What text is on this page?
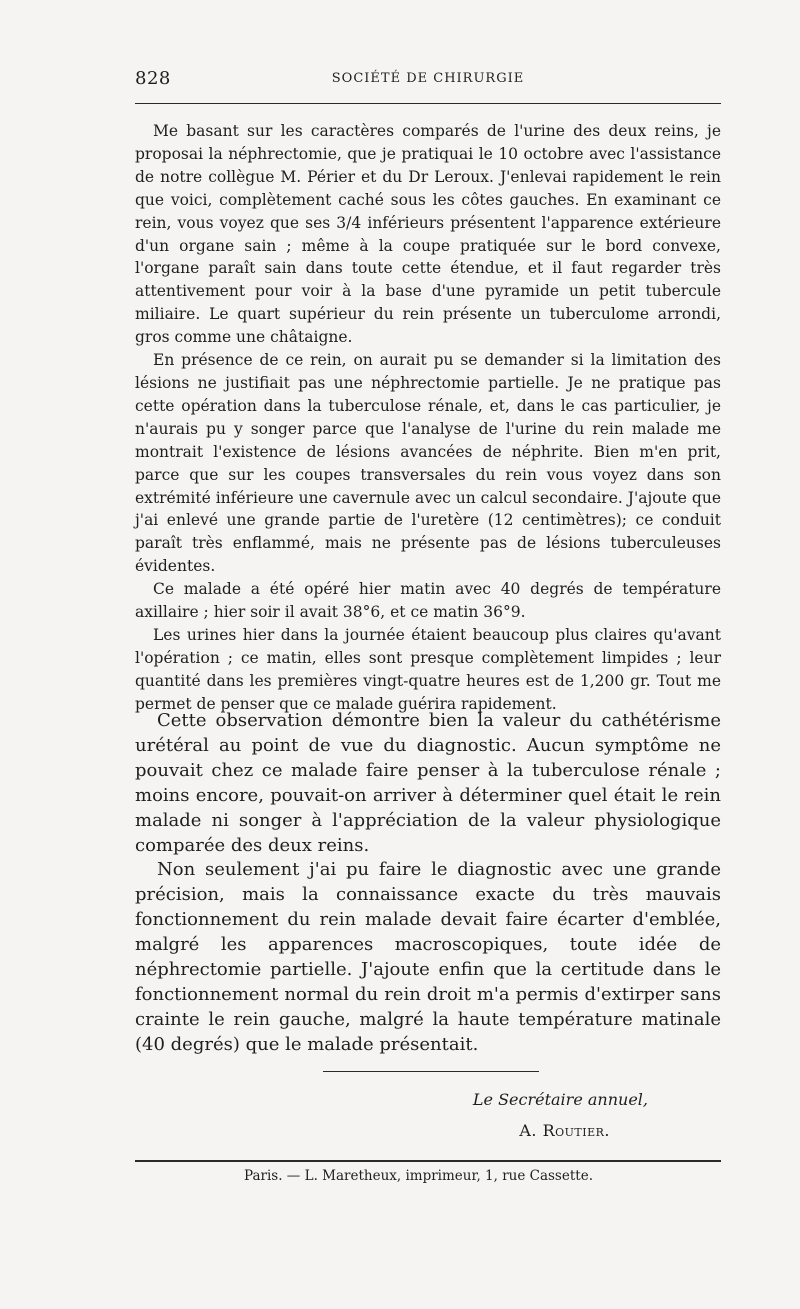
828	SOCIÉTÉ DE CHIRURGIE

Me basant sur les caractères comparés de l'urine des deux reins, je proposai la néphrectomie, que je pratiquai le 10 octobre avec l'assistance de notre collègue M. Périer et du Dr Leroux. J'enlevai rapidement le rein que voici, complètement caché sous les côtes gauches. En examinant ce rein, vous voyez que ses 3/4 inférieurs présentent l'apparence extérieure d'un organe sain ; même à la coupe pratiquée sur le bord convexe, l'organe paraît sain dans toute cette étendue, et il faut regarder très attentivement pour voir à la base d'une pyramide un petit tubercule miliaire. Le quart supérieur du rein présente un tuberculome arrondi, gros comme une châtaigne.

En présence de ce rein, on aurait pu se demander si la limitation des lésions ne justifiait pas une néphrectomie partielle. Je ne pratique pas cette opération dans la tuberculose rénale, et, dans le cas particulier, je n'aurais pu y songer parce que l'analyse de l'urine du rein malade me montrait l'existence de lésions avancées de néphrite. Bien m'en prit, parce que sur les coupes transversales du rein vous voyez dans son extrémité inférieure une cavernule avec un calcul secondaire. J'ajoute que j'ai enlevé une grande partie de l'uretère (12 centimètres); ce conduit paraît très enflammé, mais ne présente pas de lésions tuberculeuses évidentes.

Ce malade a été opéré hier matin avec 40 degrés de température axillaire ; hier soir il avait 38°6, et ce matin 36°9.

Les urines hier dans la journée étaient beaucoup plus claires qu'avant l'opération ; ce matin, elles sont presque complètement limpides ; leur quantité dans les premières vingt-quatre heures est de 1,200 gr. Tout me permet de penser que ce malade guérira rapidement.

Cette observation démontre bien la valeur du cathétérisme urétéral au point de vue du diagnostic. Aucun symptôme ne pouvait chez ce malade faire penser à la tuberculose rénale ; moins encore, pouvait-on arriver à déterminer quel était le rein malade ni songer à l'appréciation de la valeur physiologique comparée des deux reins.

Non seulement j'ai pu faire le diagnostic avec une grande précision, mais la connaissance exacte du très mauvais fonctionnement du rein malade devait faire écarter d'emblée, malgré les apparences macroscopiques, toute idée de néphrectomie partielle. J'ajoute enfin que la certitude dans le fonctionnement normal du rein droit m'a permis d'extirper sans crainte le rein gauche, malgré la haute température matinale (40 degrés) que le malade présentait.

Le Secrétaire annuel,
A. Routier.
Paris. — L. Maretheux, imprimeur, 1, rue Cassette.
